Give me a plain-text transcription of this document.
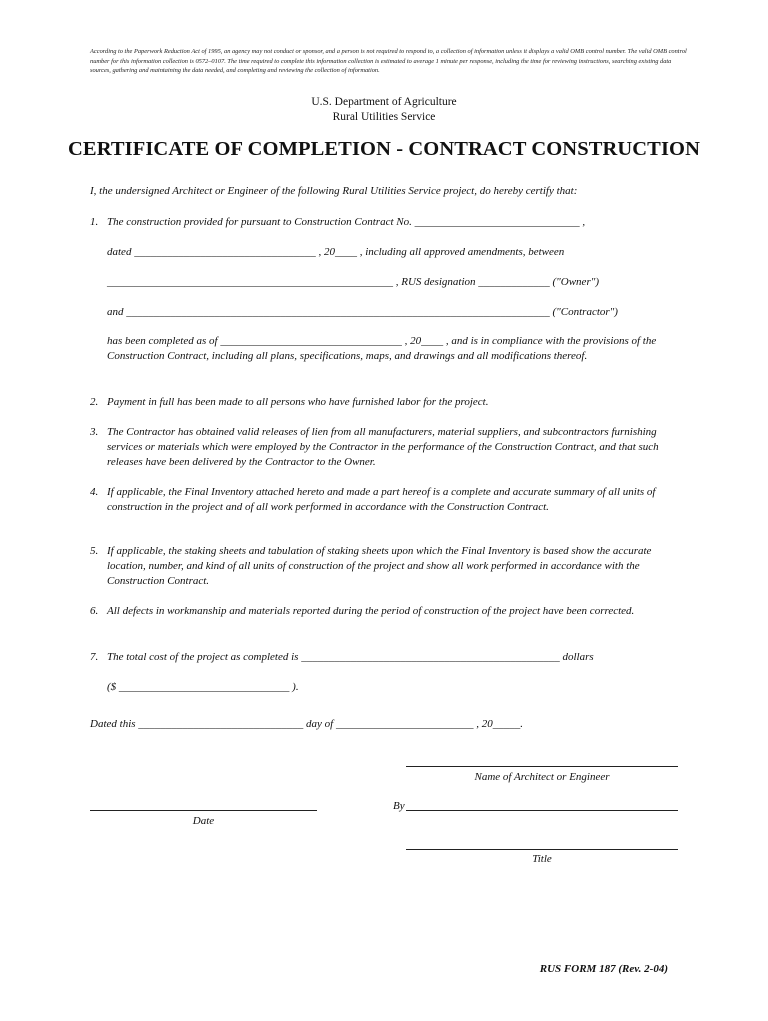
According to the Paperwork Reduction Act of 1995, an agency may not conduct or sponsor, and a person is not required to respond to, a collection of information unless it displays a valid OMB control number. The valid OMB control number for this information collection is 0572–0107. The time required to complete this information collection is estimated to average 1 minute per response, including the time for reviewing instructions, searching existing data sources, gathering and maintaining the data needed, and completing and reviewing the collection of information.
U.S. Department of Agriculture
Rural Utilities Service
CERTIFICATE OF COMPLETION - CONTRACT CONSTRUCTION
I, the undersigned Architect or Engineer of the following Rural Utilities Service project, do hereby certify that:
1. The construction provided for pursuant to Construction Contract No. ______________________________ ,
dated _________________________________ , 20____ , including all approved amendments, between
____________________________________________________ , RUS designation _____________ ("Owner")
and _____________________________________________________________________________ ("Contractor")
has been completed as of _________________________________ , 20____ , and is in compliance with the provisions of the Construction Contract, including all plans, specifications, maps, and drawings and all modifications thereof.
2. Payment in full has been made to all persons who have furnished labor for the project.
3. The Contractor has obtained valid releases of lien from all manufacturers, material suppliers, and subcontractors furnishing services or materials which were employed by the Contractor in the performance of the Construction Contract, and that such releases have been delivered by the Contractor to the Owner.
4. If applicable, the Final Inventory attached hereto and made a part hereof is a complete and accurate summary of all units of construction in the project and of all work performed in accordance with the Construction Contract.
5. If applicable, the staking sheets and tabulation of staking sheets upon which the Final Inventory is based show the accurate location, number, and kind of all units of construction of the project and show all work performed in accordance with the Construction Contract.
6. All defects in workmanship and materials reported during the period of construction of the project have been corrected.
7. The total cost of the project as completed is _______________________________________________ dollars
($ _______________________________ ).
Dated this ______________________________ day of _________________________ , 20_____.
Name of Architect or Engineer
Date
By
Title
RUS FORM 187 (Rev. 2-04)
